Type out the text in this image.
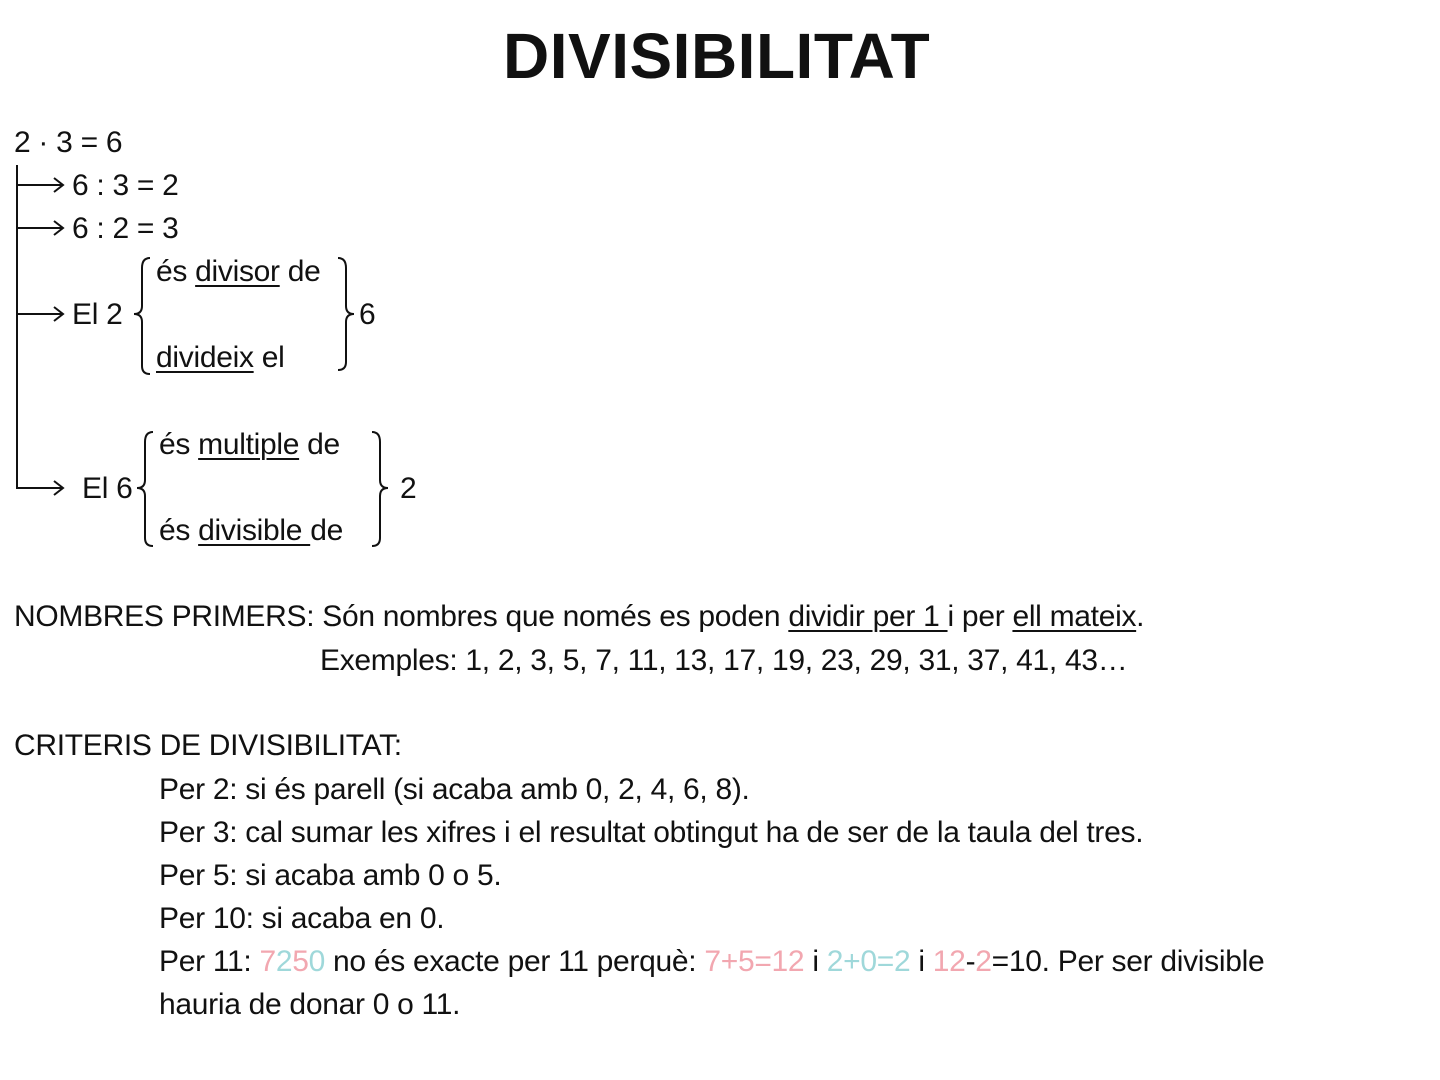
DIVISIBILITAT
2 · 3 = 6
6 : 3 = 2
6 : 2 = 3
El 2
és divisor de
divideix el
6
El 6
és multiple de
és divisible de
2
NOMBRES PRIMERS: Són nombres que només es poden dividir per 1 i per ell mateix.
Exemples: 1, 2, 3, 5, 7, 11, 13, 17, 19, 23, 29, 31, 37, 41, 43…
CRITERIS DE DIVISIBILITAT:
Per 2: si és parell (si acaba amb 0, 2, 4, 6, 8).
Per 3: cal sumar les xifres i el resultat obtingut ha de ser de la taula del tres.
Per 5: si acaba amb 0 o 5.
Per 10: si acaba en 0.
Per 11: 7250 no és exacte per 11 perquè: 7+5=12 i 2+0=2 i 12-2=10. Per ser divisible
hauria de donar 0 o 11.
